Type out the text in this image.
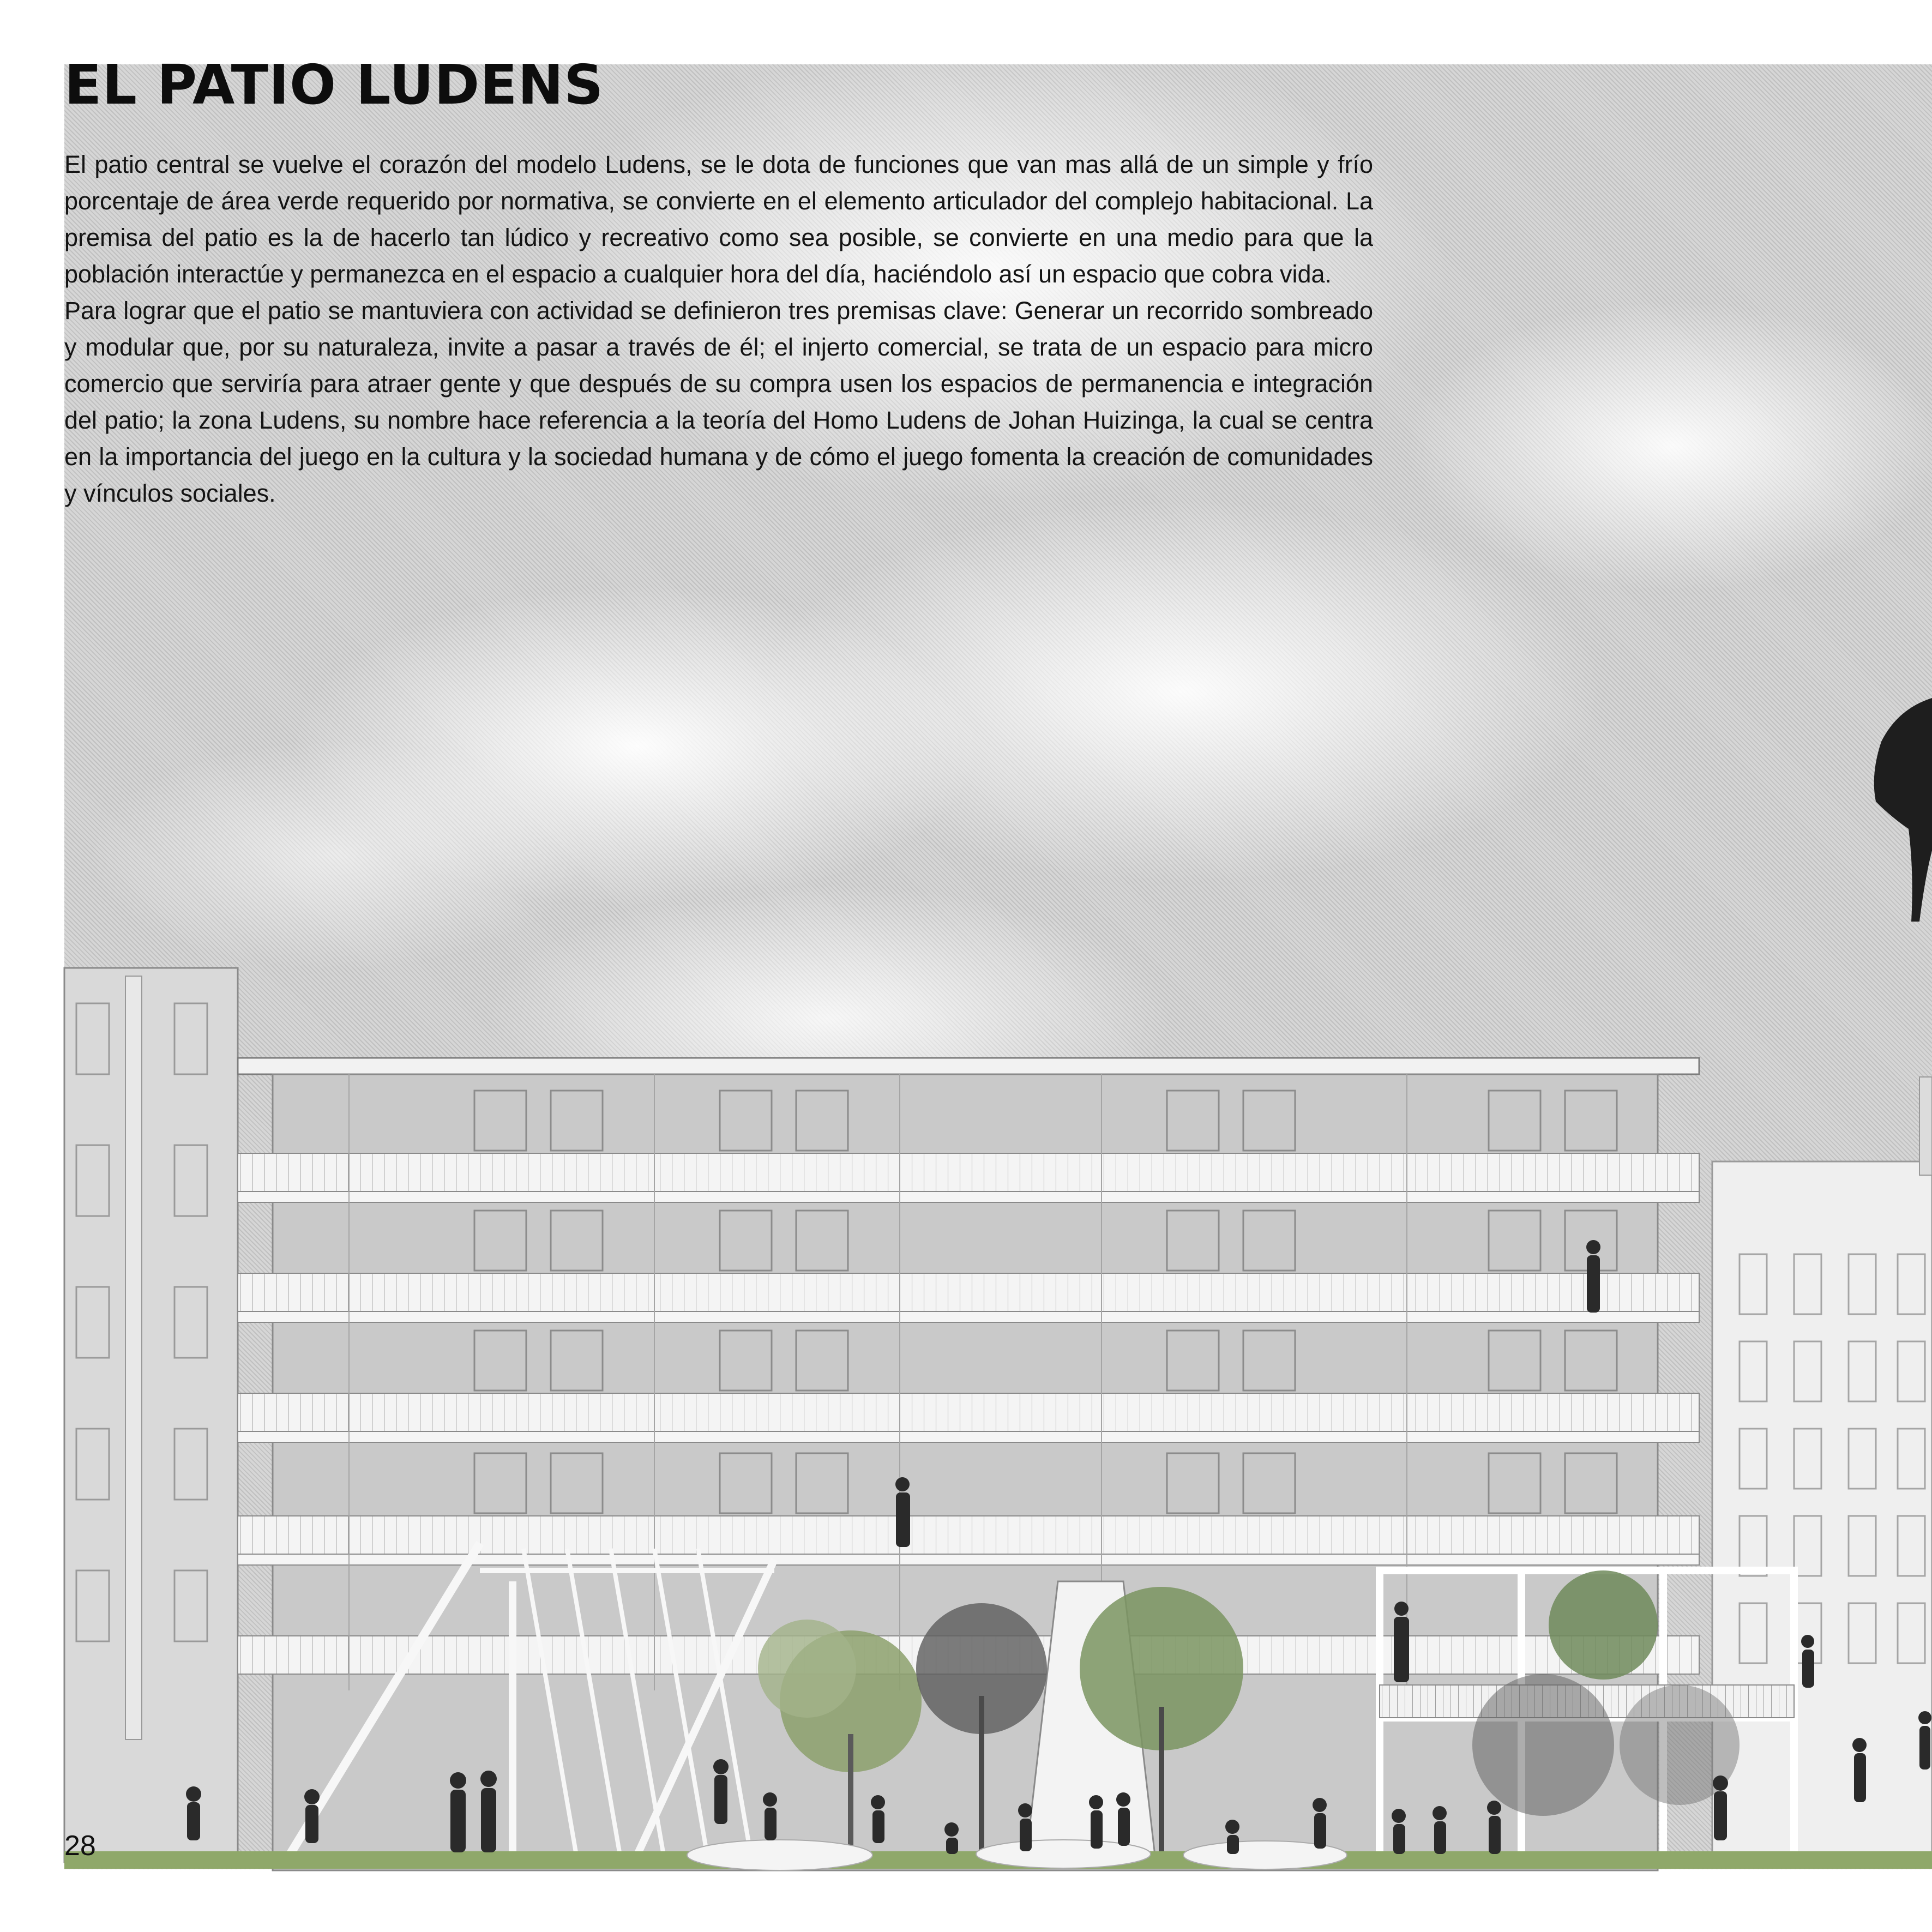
EL PATIO LUDENS

El patio central se vuelve el corazón del modelo Ludens, se le dota de funciones que van mas allá de un simple y frío porcentaje de área verde requerido por normativa, se convierte en el elemento articulador del complejo habitacional. La premisa del patio es la de hacerlo tan lúdico y recreativo como sea posible, se convierte en una medio para que la población interactúe y permanezca en el espacio a cualquier hora del día, haciéndolo así un espacio que cobra vida.

Para lograr que el patio se mantuviera con actividad se definieron tres premisas clave: Generar un recorrido sombreado y modular que, por su naturaleza, invite a pasar a través de él; el injerto comercial, se trata de un espacio para micro comercio que serviría para atraer gente y que después de su compra usen los espacios de permanencia e integración del patio; la zona Ludens, su nombre hace referencia a la teoría del Homo Ludens de Johan Huizinga, la cual se centra en la importancia del juego en la cultura y la sociedad humana y de cómo el juego fomenta la creación de comunidades y vínculos sociales.

28
